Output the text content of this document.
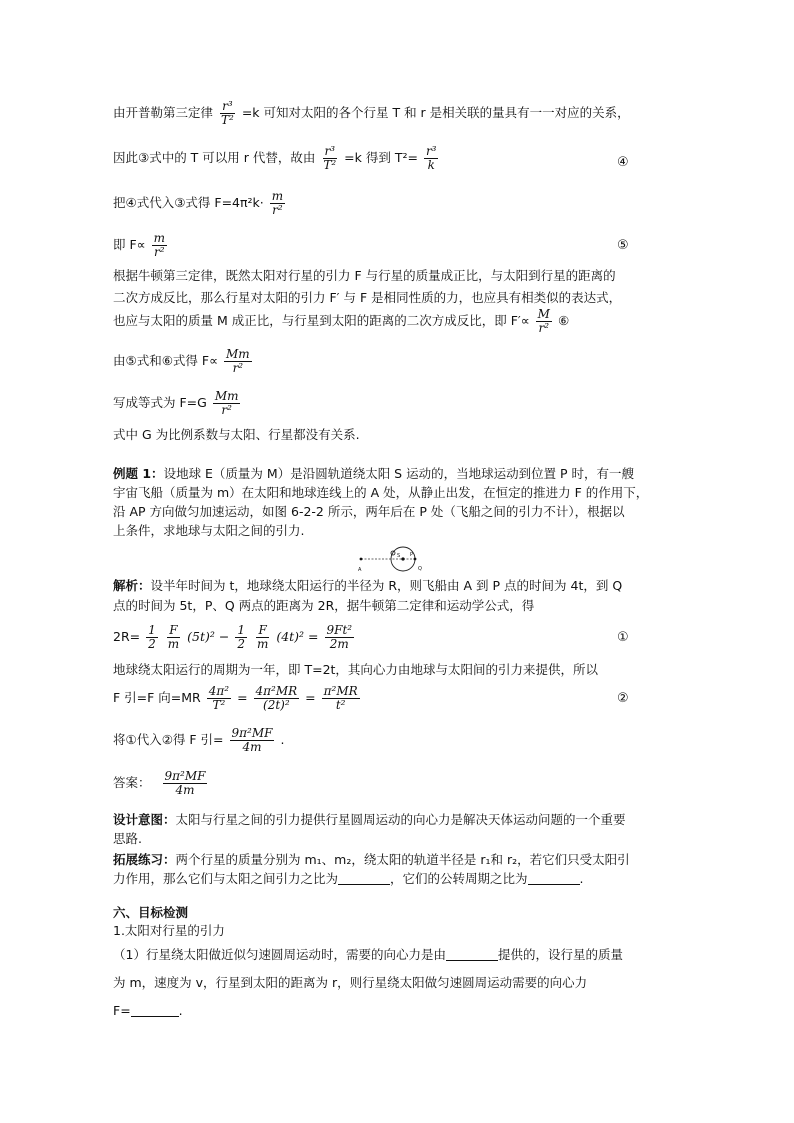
由开普勒第三定律 $\frac{\text{r³}}{\text{T²}} =k$ 可知对太阳的各个行星 T 和 r 是相关联的量具有一一对应的关系，
因此③式中的 T 可以用 r 代替，故由 $\frac{\text{r³}}{\text{T²}} =k$ 得到 $T^2= \frac{\text{r³}}{k}$	④
把④式代入③式得 $F=4\pi^2k\cdot \frac{m}{\text{r²}}$
即 $F\propto \frac{m}{\text{r²}}$	⑤
根据牛顿第三定律，既然太阳对行星的引力 F 与行星的质量成正比，与太阳到行星的距离的
二次方成反比，那么行星对太阳的引力 F′ 与 F 是相同性质的力，也应具有相类似的表达式，
也应与太阳的质量 M 成正比，与行星到太阳的距离的二次方成反比，即 $F'\propto \frac{M}{\text{r²}}$ ⑥
由⑤式和⑥式得 $F\propto \frac{Mm}{\text{r²}}$
写成等式为 $F=G \frac{Mm}{\text{r²}}$
式中 G 为比例系数与太阳、行星都没有关系.
例题 1：设地球 E（质量为 M）是沿圆轨道绕太阳 S 运动的，当地球运动到位置 P 时，有一艘
宇宙飞船（质量为 m）在太阳和地球连线上的 A 处，从静止出发，在恒定的推进力 F 的作用下，
沿 AP 方向做匀加速运动，如图 6-2-2 所示，两年后在 P 处（飞船之间的引力不计），根据以
上条件，求地球与太阳之间的引力.
A
S P
Q
解析：设半年时间为 t，地球绕太阳运行的半径为 R，则飞船由 A 到 P 点的时间为 4t，到 Q
点的时间为 5t，P、Q 两点的距离为 2R，据牛顿第二定律和运动学公式，得
$2R= \frac{1}{2}$
$\frac{F}{m} (5t)^2 - \frac{1}{2}$
$\frac{F}{m} (4t)^2 = \frac{\text{9Ft²}}{2m}$	①
地球绕太阳运行的周期为一年，即 T=2t，其向心力由地球与太阳间的引力来提供，所以
F 引=F 向$=MR \frac{\text{4π²}}{\text{T²}} = \frac{\text{4π²MR}}{\text{(2t)²}} = \frac{\text{π²MR}}{\text{t²}}$	②
将①代入②得 F 引= $\frac{\text{9π²MF}}{4m}$ .
答案： $\frac{\text{9π²MF}}{4m}$
设计意图：太阳与行星之间的引力提供行星圆周运动的向心力是解决天体运动问题的一个重要
思路.
拓展练习：两个行星的质量分别为 m₁、m₂，绕太阳的轨道半径是 r₁和 r₂，若它们只受太阳引
力作用，那么它们与太阳之间引力之比为	，它们的公转周期之比为	.
六、目标检测
1.太阳对行星的引力
（1）行星绕太阳做近似匀速圆周运动时，需要的向心力是由	提供的，设行星的质量
为 m，速度为 v，行星到太阳的距离为 r，则行星绕太阳做匀速圆周运动需要的向心力
F=	.
